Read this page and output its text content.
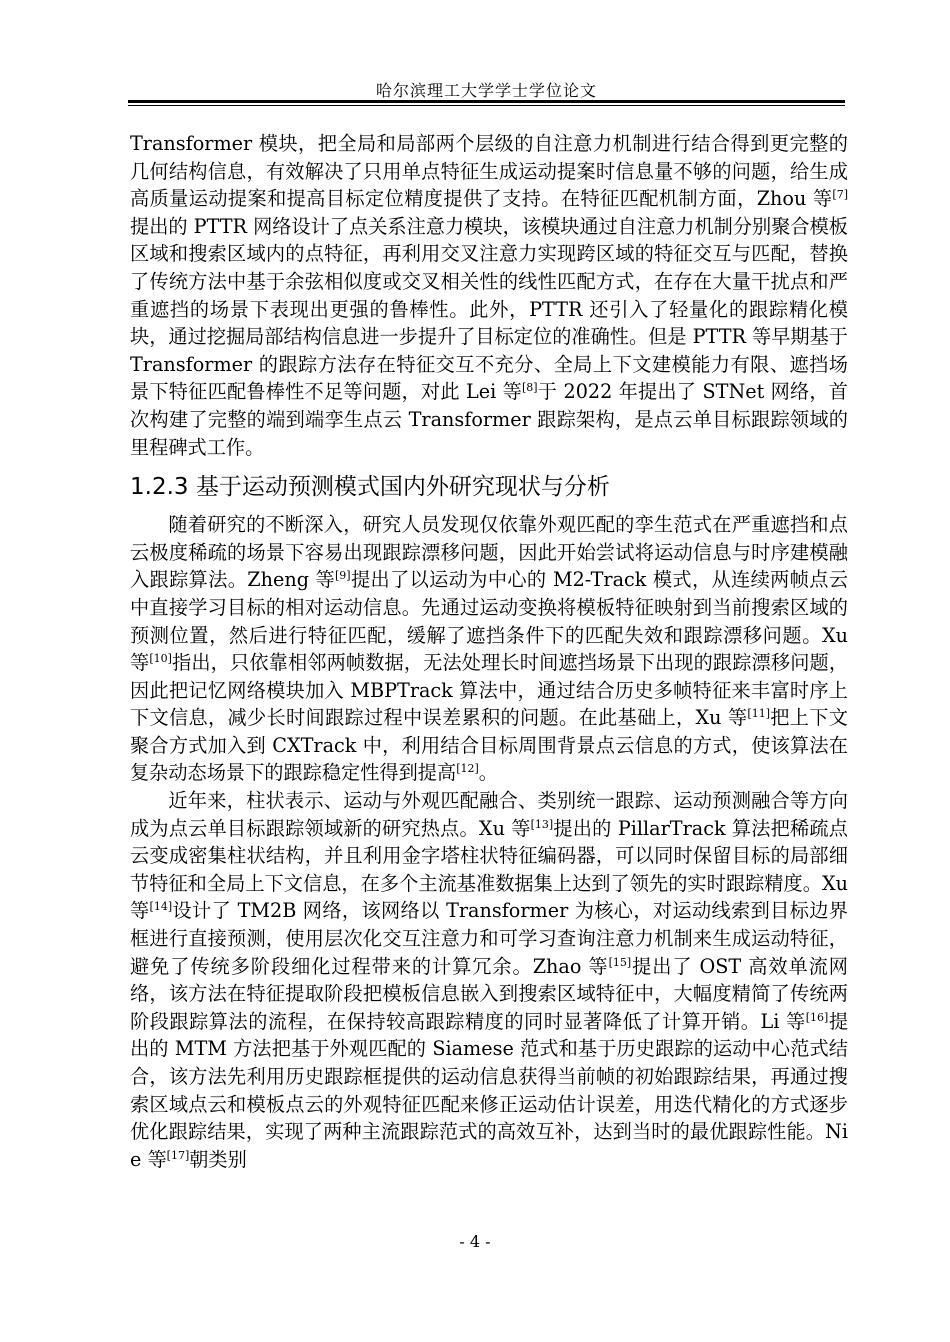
哈尔滨理工大学学士学位论文

Transformer 模块，把全局和局部两个层级的自注意力机制进行结合得到更完整的几何结构信息，有效解决了只用单点特征生成运动提案时信息量不够的问题，给生成高质量运动提案和提高目标定位精度提供了支持。在特征匹配机制方面，Zhou 等[7]提出的 PTTR 网络设计了点关系注意力模块，该模块通过自注意力机制分别聚合模板区域和搜索区域内的点特征，再利用交叉注意力实现跨区域的特征交互与匹配，替换了传统方法中基于余弦相似度或交叉相关性的线性匹配方式，在存在大量干扰点和严重遮挡的场景下表现出更强的鲁棒性。此外，PTTR 还引入了轻量化的跟踪精化模块，通过挖掘局部结构信息进一步提升了目标定位的准确性。但是 PTTR 等早期基于 Transformer 的跟踪方法存在特征交互不充分、全局上下文建模能力有限、遮挡场景下特征匹配鲁棒性不足等问题，对此 Lei 等[8]于 2022 年提出了 STNet 网络，首次构建了完整的端到端孪生点云 Transformer 跟踪架构，是点云单目标跟踪领域的里程碑式工作。

1.2.3 基于运动预测模式国内外研究现状与分析

随着研究的不断深入，研究人员发现仅依靠外观匹配的孪生范式在严重遮挡和点云极度稀疏的场景下容易出现跟踪漂移问题，因此开始尝试将运动信息与时序建模融入跟踪算法。Zheng 等[9]提出了以运动为中心的 M2-Track 模式，从连续两帧点云中直接学习目标的相对运动信息。先通过运动变换将模板特征映射到当前搜索区域的预测位置，然后进行特征匹配，缓解了遮挡条件下的匹配失效和跟踪漂移问题。Xu 等[10]指出，只依靠相邻两帧数据，无法处理长时间遮挡场景下出现的跟踪漂移问题，因此把记忆网络模块加入 MBPTrack 算法中，通过结合历史多帧特征来丰富时序上下文信息，减少长时间跟踪过程中误差累积的问题。在此基础上，Xu 等[11]把上下文聚合方式加入到 CXTrack 中，利用结合目标周围背景点云信息的方式，使该算法在复杂动态场景下的跟踪稳定性得到提高[12]。

近年来，柱状表示、运动与外观匹配融合、类别统一跟踪、运动预测融合等方向成为点云单目标跟踪领域新的研究热点。Xu 等[13]提出的 PillarTrack 算法把稀疏点云变成密集柱状结构，并且利用金字塔柱状特征编码器，可以同时保留目标的局部细节特征和全局上下文信息，在多个主流基准数据集上达到了领先的实时跟踪精度。Xu 等[14]设计了 TM2B 网络，该网络以 Transformer 为核心，对运动线索到目标边界框进行直接预测，使用层次化交互注意力和可学习查询注意力机制来生成运动特征，避免了传统多阶段细化过程带来的计算冗余。Zhao 等[15]提出了 OST 高效单流网络，该方法在特征提取阶段把模板信息嵌入到搜索区域特征中，大幅度精简了传统两阶段跟踪算法的流程，在保持较高跟踪精度的同时显著降低了计算开销。Li 等[16]提出的 MTM 方法把基于外观匹配的 Siamese 范式和基于历史跟踪的运动中心范式结合，该方法先利用历史跟踪框提供的运动信息获得当前帧的初始跟踪结果，再通过搜索区域点云和模板点云的外观特征匹配来修正运动估计误差，用迭代精化的方式逐步优化跟踪结果，实现了两种主流跟踪范式的高效互补，达到当时的最优跟踪性能。Nie 等[17]朝类别

- 4 -
